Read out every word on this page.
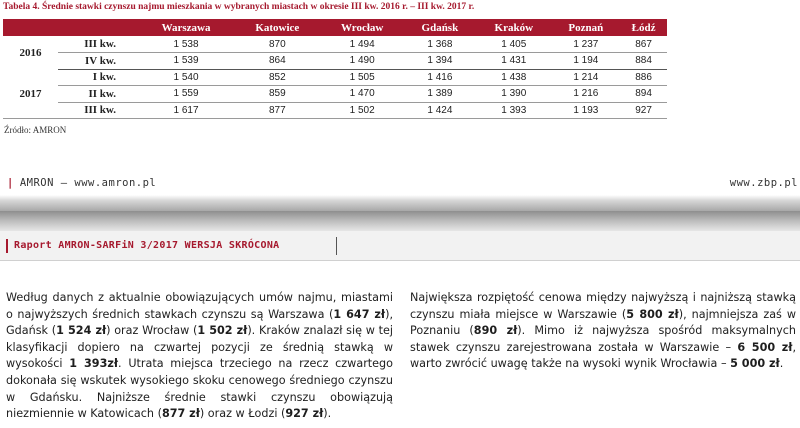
Tabela 4. Średnie stawki czynszu najmu mieszkania w wybranych miastach w okresie III kw. 2016 r. – III kw. 2017 r.
		Warszawa	Katowice	Wrocław	Gdańsk	Kraków	Poznań	Łódź
2016	III kw.	1 538	870	1 494	1 368	1 405	1 237	867
	IV kw.	1 539	864	1 490	1 394	1 431	1 194	884
2017	I kw.	1 540	852	1 505	1 416	1 438	1 214	886
	II kw.	1 559	859	1 470	1 389	1 390	1 216	894
	III kw.	1 617	877	1 502	1 424	1 393	1 193	927
Źródło: AMRON
| AMRON – www.amron.pl	www.zbp.pl
Raport AMRON-SARFiN 3/2017 WERSJA SKRÓCONA
Według danych z aktualnie obowiązujących umów najmu, miastami o najwyższych średnich stawkach czynszu są Warszawa (1 647 zł), Gdańsk (1 524 zł) oraz Wrocław (1 502 zł). Kraków znalazł się w tej klasyfikacji dopiero na czwartej pozycji ze średnią stawką w wysokości 1 393zł. Utrata miejsca trzeciego na rzecz czwartego dokonała się wskutek wysokiego skoku cenowego średniego czynszu w Gdańsku. Najniższe średnie stawki czynszu obowiązują niezmiennie w Katowicach (877 zł) oraz w Łodzi (927 zł).
Największa rozpiętość cenowa między najwyższą i najniższą stawką czynszu miała miejsce w Warszawie (5 800 zł), najmniejsza zaś w Poznaniu (890 zł). Mimo iż najwyższa spośród maksymalnych stawek czynszu zarejestrowana została w Warszawie – 6 500 zł, warto zwrócić uwagę także na wysoki wynik Wrocławia – 5 000 zł.
